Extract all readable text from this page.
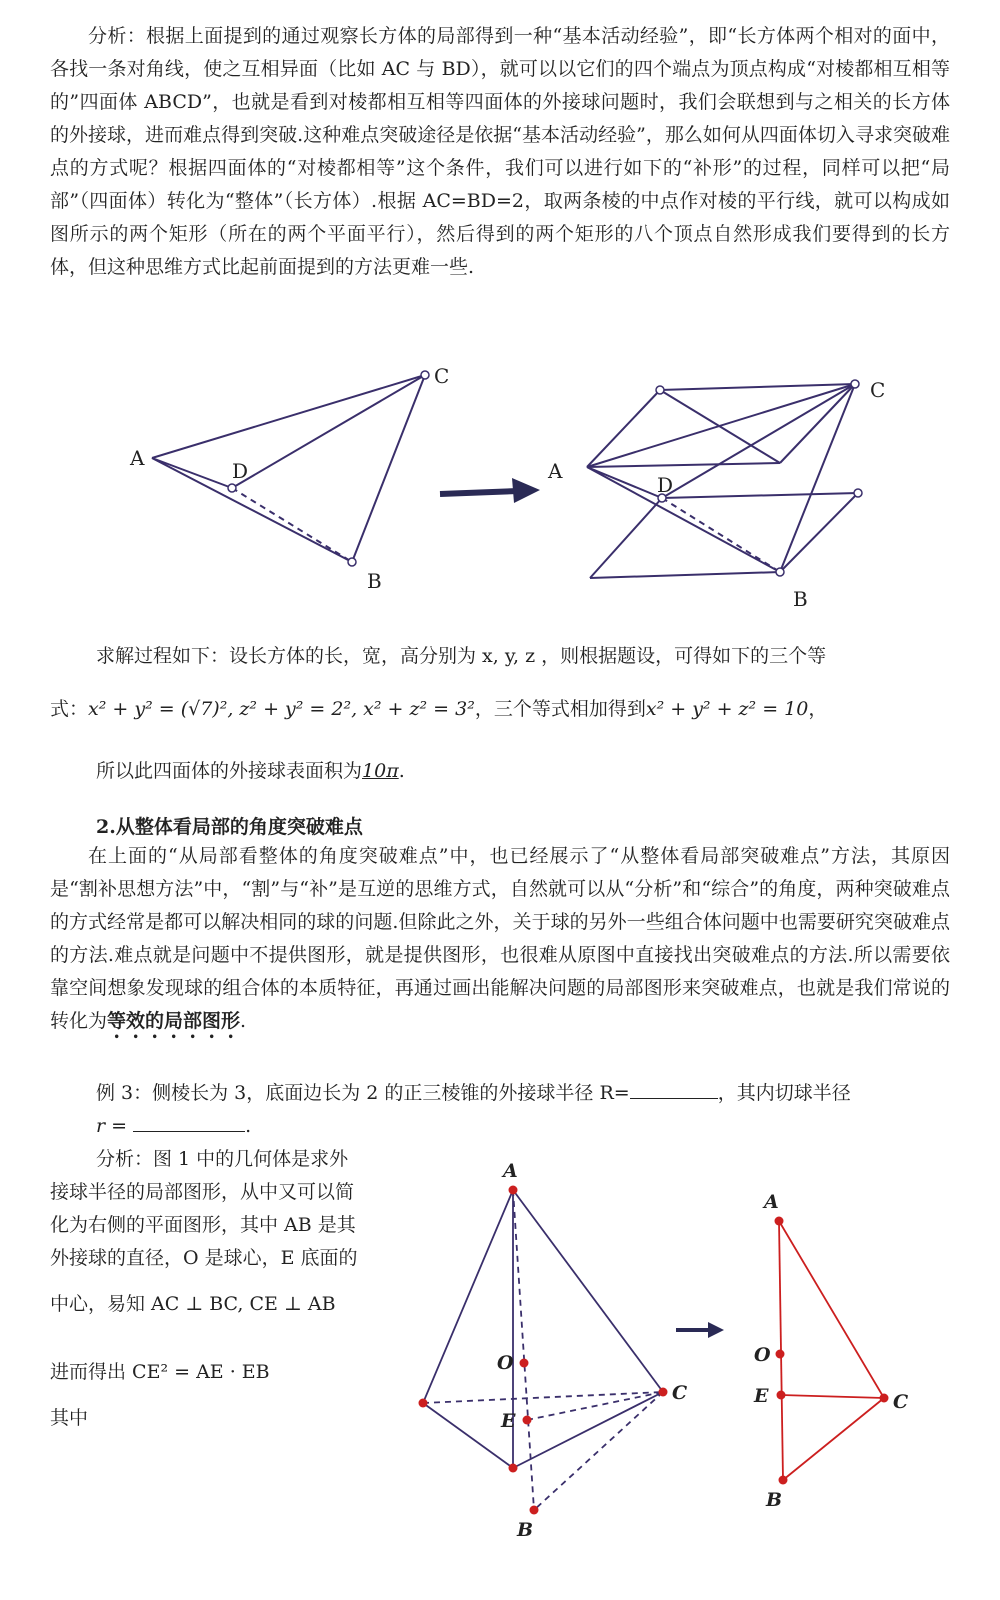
分析：根据上面提到的通过观察长方体的局部得到一种“基本活动经验”，即“长方体两个相对的面中，各找一条对角线，使之互相异面（比如 AC 与 BD），就可以以它们的四个端点为顶点构成“对棱都相互相等的”四面体 ABCD”，也就是看到对棱都相互相等四面体的外接球问题时，我们会联想到与之相关的长方体的外接球，进而难点得到突破.这种难点突破途径是依据“基本活动经验”，那么如何从四面体切入寻求突破难点的方式呢？根据四面体的“对棱都相等”这个条件，我们可以进行如下的“补形”的过程，同样可以把“局部”（四面体）转化为“整体”（长方体）.根据 AC=BD=2，取两条棱的中点作对棱的平行线，就可以构成如图所示的两个矩形（所在的两个平面平行），然后得到的两个矩形的八个顶点自然形成我们要得到的长方体，但这种思维方式比起前面提到的方法更难一些.

A
C
D
B
A
C
D
B

求解过程如下：设长方体的长，宽，高分别为 x, y, z ，则根据题设，可得如下的三个等

式：x² + y² = (√7)², z² + y² = 2², x² + z² = 3²，三个等式相加得到x² + y² + z² = 10，

所以此四面体的外接球表面积为10π.

2.从整体看局部的角度突破难点

在上面的“从局部看整体的角度突破难点”中，也已经展示了“从整体看局部突破难点”方法，其原因是“割补思想方法”中，“割”与“补”是互逆的思维方式，自然就可以从“分析”和“综合”的角度，两种突破难点的方式经常是都可以解决相同的球的问题.但除此之外，关于球的另外一些组合体问题中也需要研究突破难点的方法.难点就是问题中不提供图形，就是提供图形，也很难从原图中直接找出突破难点的方法.所以需要依靠空间想象发现球的组合体的本质特征，再通过画出能解决问题的局部图形来突破难点，也就是我们常说的转化为等效的局部图形.

例 3：侧棱长为 3，底面边长为 2 的正三棱锥的外接球半径 R=	，其内切球半径

r =	.

分析：图 1 中的几何体是求外

接球半径的局部图形，从中又可以简

化为右侧的平面图形，其中 AB 是其

外接球的直径，O 是球心，E 底面的

中心，易知 AC ⊥ BC, CE ⊥ AB

进而得出 CE² = AE · EB

其中

A
O
E
C
B
A
O
E	C
B
